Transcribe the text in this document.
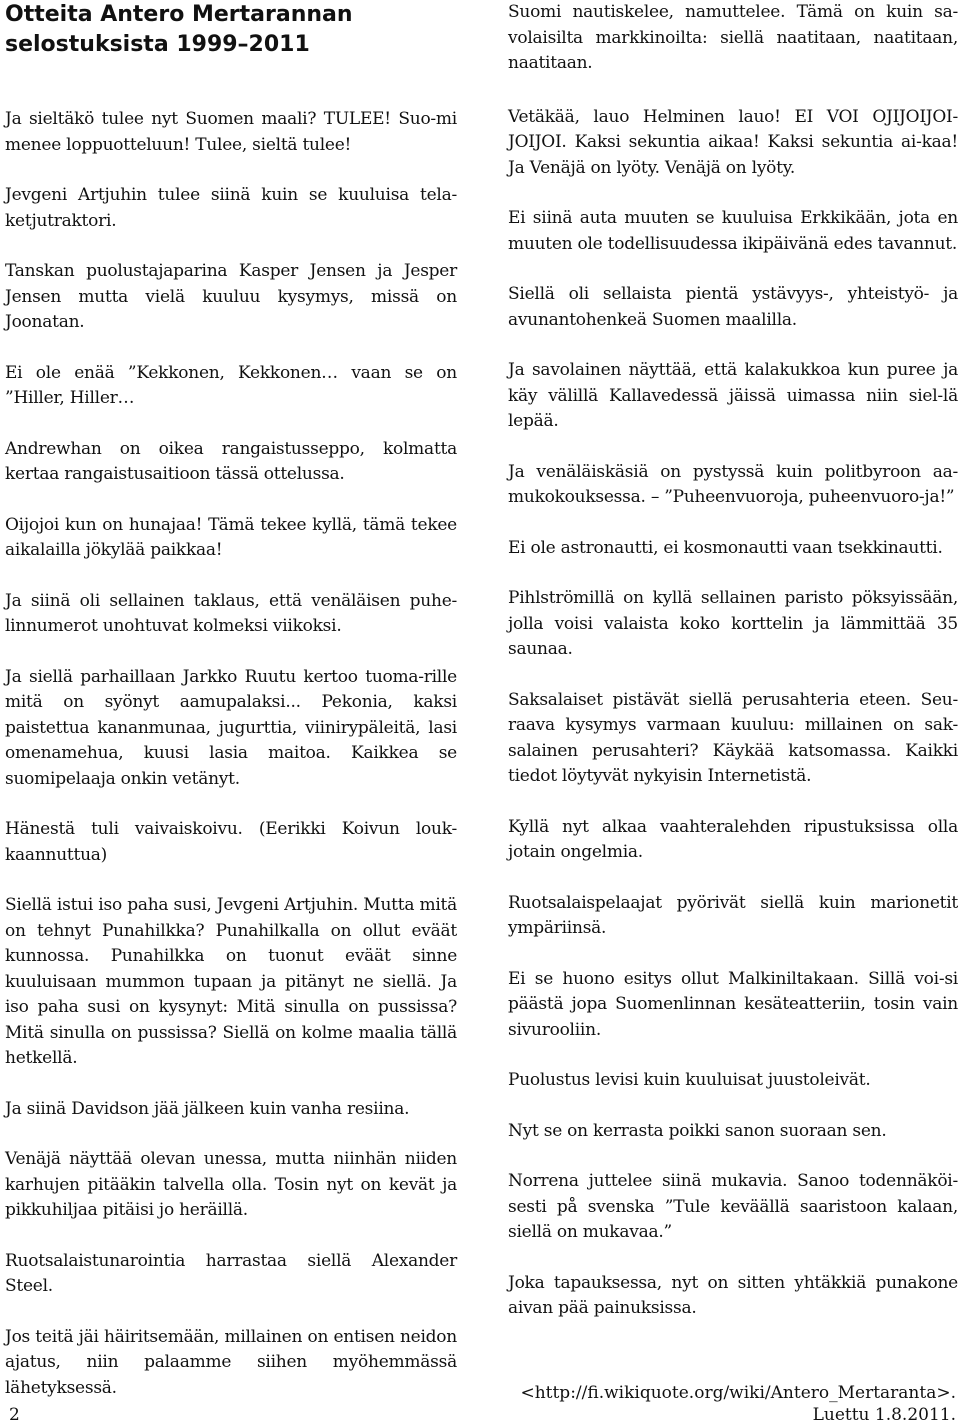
Otteita Antero Mertarannan
selostuksista 1999–2011

Ja sieltäkö tulee nyt Suomen maali? TULEE! Suo-mi menee loppuotteluun! Tulee, sieltä tulee!

Jevgeni Artjuhin tulee siinä kuin se kuuluisa tela-ketjutraktori.

Tanskan puolustajaparina Kasper Jensen ja Jesper Jensen mutta vielä kuuluu kysymys, missä on Joonatan.

Ei ole enää ”Kekkonen, Kekkonen… vaan se on ”Hiller, Hiller…

Andrewhan on oikea rangaistusseppo, kolmatta kertaa rangaistusaitioon tässä ottelussa.

Oijojoi kun on hunajaa! Tämä tekee kyllä, tämä tekee aikalailla jökylää paikkaa!

Ja siinä oli sellainen taklaus, että venäläisen puhe-linnumerot unohtuvat kolmeksi viikoksi.

Ja siellä parhaillaan Jarkko Ruutu kertoo tuoma-rille mitä on syönyt aamupalaksi... Pekonia, kaksi paistettua kananmunaa, jugurttia, viinirypäleitä, lasi omenamehua, kuusi lasia maitoa. Kaikkea se suomipelaaja onkin vetänyt.

Hänestä tuli vaivaiskoivu. (Eerikki Koivun louk-kaannuttua)

Siellä istui iso paha susi, Jevgeni Artjuhin. Mutta mitä on tehnyt Punahilkka? Punahilkalla on ollut eväät kunnossa. Punahilkka on tuonut eväät sinne kuuluisaan mummon tupaan ja pitänyt ne siellä. Ja iso paha susi on kysynyt: Mitä sinulla on pussissa? Mitä sinulla on pussissa? Siellä on kolme maalia tällä hetkellä.

Ja siinä Davidson jää jälkeen kuin vanha resiina.

Venäjä näyttää olevan unessa, mutta niinhän niiden karhujen pitääkin talvella olla. Tosin nyt on kevät ja pikkuhiljaa pitäisi jo heräillä.

Ruotsalaistunarointia harrastaa siellä Alexander Steel.

Jos teitä jäi häiritsemään, millainen on entisen neidon ajatus, niin palaamme siihen myöhemmässä lähetyksessä.

Suomi nautiskelee, namuttelee. Tämä on kuin sa-volaisilta markkinoilta: siellä naatitaan, naatitaan, naatitaan.

Vetäkää, lauo Helminen lauo! EI VOI OJIJOIJOI-JOIJOI. Kaksi sekuntia aikaa! Kaksi sekuntia ai-kaa! Ja Venäjä on lyöty. Venäjä on lyöty.

Ei siinä auta muuten se kuuluisa Erkkikään, jota en muuten ole todellisuudessa ikipäivänä edes tavannut.

Siellä oli sellaista pientä ystävyys-, yhteistyö- ja avunantohenkeä Suomen maalilla.

Ja savolainen näyttää, että kalakukkoa kun puree ja käy välillä Kallavedessä jäissä uimassa niin siel-lä lepää.

Ja venäläiskäsiä on pystyssä kuin politbyroon aa-mukokouksessa. – ”Puheenvuoroja, puheenvuoro-ja!”

Ei ole astronautti, ei kosmonautti vaan tsekkinautti.

Pihlströmillä on kyllä sellainen paristo pöksyissään, jolla voisi valaista koko korttelin ja lämmittää 35 saunaa.

Saksalaiset pistävät siellä perusahteria eteen. Seu-raava kysymys varmaan kuuluu: millainen on sak-salainen perusahteri? Käykää katsomassa. Kaikki tiedot löytyvät nykyisin Internetistä.

Kyllä nyt alkaa vaahteralehden ripustuksissa olla jotain ongelmia.

Ruotsalaispelaajat pyörivät siellä kuin marionetit ympäriinsä.

Ei se huono esitys ollut Malkiniltakaan. Sillä voi-si päästä jopa Suomenlinnan kesäteatteriin, tosin vain sivurooliin.

Puolustus levisi kuin kuuluisat juustoleivät.

Nyt se on kerrasta poikki sanon suoraan sen.

Norrena juttelee siinä mukavia. Sanoo todennäköi-sesti på svenska ”Tule keväällä saaristoon kalaan, siellä on mukavaa.”

Joka tapauksessa, nyt on sitten yhtäkkiä punakone aivan pää painuksissa.

<http://fi.wikiquote.org/wiki/Antero_Mertaranta>.
Luettu 1.8.2011.
2
